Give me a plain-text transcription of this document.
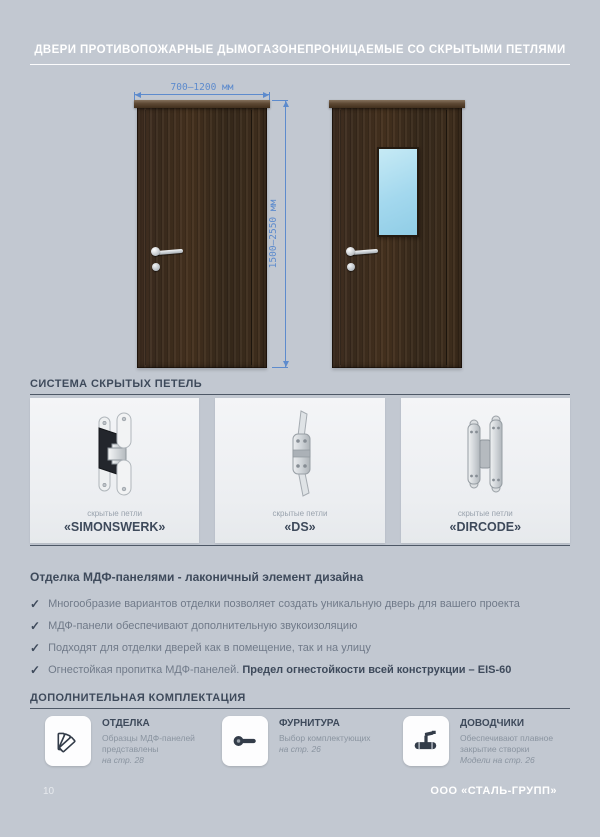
ДВЕРИ ПРОТИВОПОЖАРНЫЕ ДЫМОГАЗОНЕПРОНИЦАЕМЫЕ СО СКРЫТЫМИ ПЕТЛЯМИ
700–1200 мм
1500–2550 мм
СИСТЕМА СКРЫТЫХ ПЕТЕЛЬ
скрытые петли
«SIMONSWERK»
скрытые петли
«DS»
скрытые петли
«DIRCODE»
Отделка МДФ-панелями - лаконичный элемент дизайна
✓ Многообразие вариантов отделки позволяет создать уникальную дверь для вашего проекта
✓ МДФ-панели обеспечивают дополнительную звукоизоляцию
✓ Подходят для отделки дверей как в помещение, так и на улицу
✓ Огнестойкая пропитка МДФ-панелей. Предел огнестойкости всей конструкции – EIS-60
ДОПОЛНИТЕЛЬНАЯ КОМПЛЕКТАЦИЯ
ОТДЕЛКА
Образцы МДФ-панелей
представлены
на стр. 28
ФУРНИТУРА
Выбор комплектующих
на стр. 26
ДОВОДЧИКИ
Обеспечивают плавное
закрытие створки
Модели на стр. 26
10	ООО «СТАЛЬ-ГРУПП»
